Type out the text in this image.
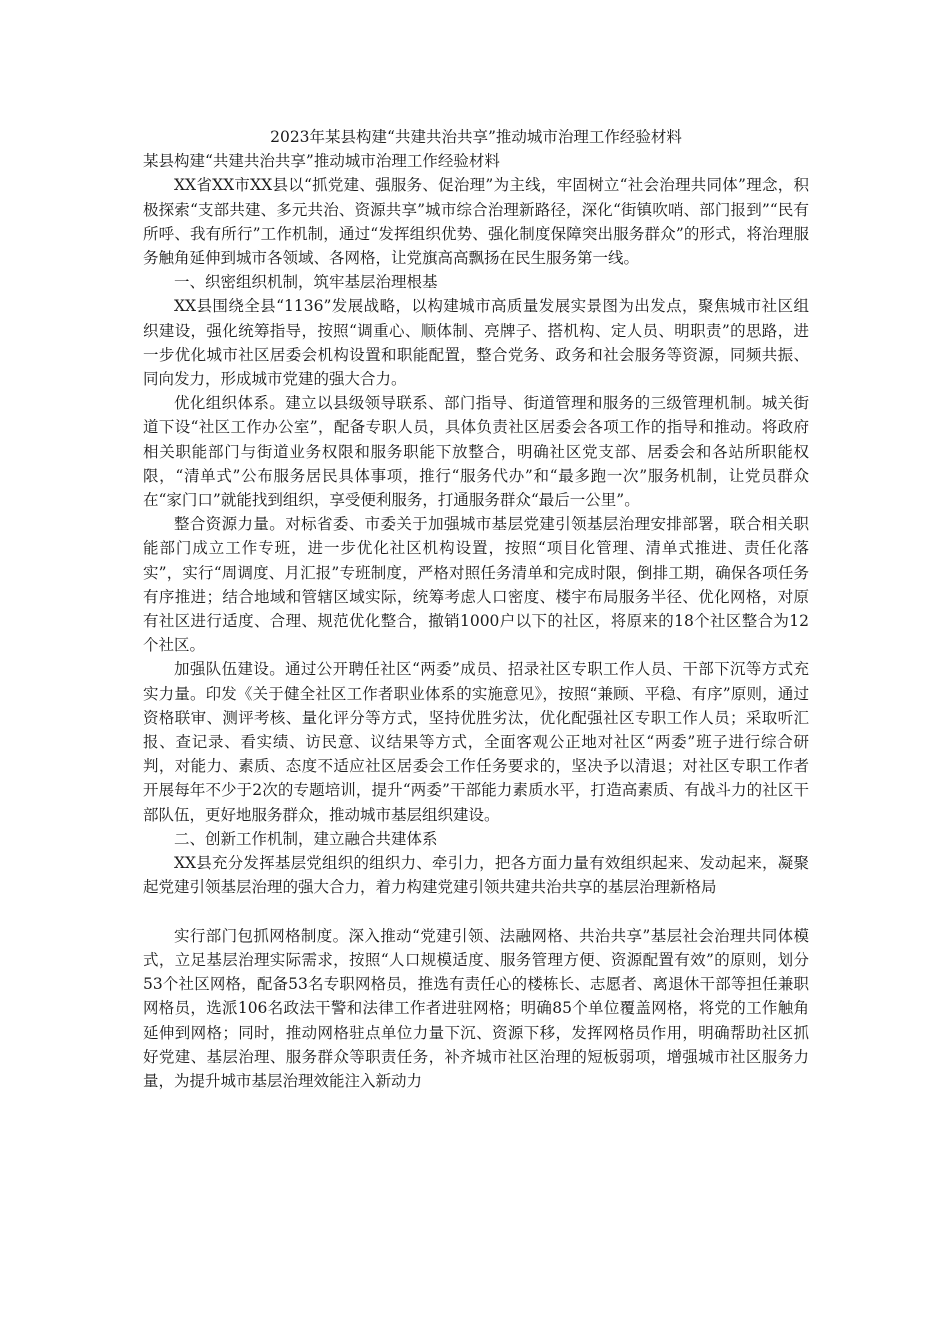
2023年某县构建“共建共治共享”推动城市治理工作经验材料
某县构建“共建共治共享”推动城市治理工作经验材料

XX省XX市XX县以“抓党建、强服务、促治理”为主线，牢固树立“社会治理共同体”理念，积极探索“支部共建、多元共治、资源共享”城市综合治理新路径，深化“街镇吹哨、部门报到”“民有所呼、我有所行”工作机制，通过“发挥组织优势、强化制度保障突出服务群众”的形式，将治理服务触角延伸到城市各领域、各网格，让党旗高高飘扬在民生服务第一线。

一、织密组织机制，筑牢基层治理根基

XX县围绕全县“1136”发展战略，以构建城市高质量发展实景图为出发点，聚焦城市社区组织建设，强化统筹指导，按照“调重心、顺体制、亮牌子、搭机构、定人员、明职责”的思路，进一步优化城市社区居委会机构设置和职能配置，整合党务、政务和社会服务等资源，同频共振、同向发力，形成城市党建的强大合力。

优化组织体系。建立以县级领导联系、部门指导、街道管理和服务的三级管理机制。城关街道下设“社区工作办公室”，配备专职人员，具体负责社区居委会各项工作的指导和推动。将政府相关职能部门与街道业务权限和服务职能下放整合，明确社区党支部、居委会和各站所职能权限，“清单式”公布服务居民具体事项，推行“服务代办”和“最多跑一次”服务机制，让党员群众在“家门口”就能找到组织，享受便利服务，打通服务群众“最后一公里”。

整合资源力量。对标省委、市委关于加强城市基层党建引领基层治理安排部署，联合相关职能部门成立工作专班，进一步优化社区机构设置，按照“项目化管理、清单式推进、责任化落实”，实行“周调度、月汇报”专班制度，严格对照任务清单和完成时限，倒排工期，确保各项任务有序推进；结合地域和管辖区域实际，统筹考虑人口密度、楼宇布局服务半径、优化网格，对原有社区进行适度、合理、规范优化整合，撤销1000户以下的社区，将原来的18个社区整合为12个社区。

加强队伍建设。通过公开聘任社区“两委”成员、招录社区专职工作人员、干部下沉等方式充实力量。印发《关于健全社区工作者职业体系的实施意见》，按照“兼顾、平稳、有序”原则，通过资格联审、测评考核、量化评分等方式，坚持优胜劣汰，优化配强社区专职工作人员；采取听汇报、查记录、看实绩、访民意、议结果等方式，全面客观公正地对社区“两委”班子进行综合研判，对能力、素质、态度不适应社区居委会工作任务要求的，坚决予以清退；对社区专职工作者开展每年不少于2次的专题培训，提升“两委”干部能力素质水平，打造高素质、有战斗力的社区干部队伍，更好地服务群众，推动城市基层组织建设。

二、创新工作机制，建立融合共建体系

XX县充分发挥基层党组织的组织力、牵引力，把各方面力量有效组织起来、发动起来，凝聚起党建引领基层治理的强大合力，着力构建党建引领共建共治共享的基层治理新格局

实行部门包抓网格制度。深入推动“党建引领、法融网格、共治共享”基层社会治理共同体模式，立足基层治理实际需求，按照“人口规模适度、服务管理方便、资源配置有效”的原则，划分53个社区网格，配备53名专职网格员，推选有责任心的楼栋长、志愿者、离退休干部等担任兼职网格员，选派106名政法干警和法律工作者进驻网格；明确85个单位覆盖网格，将党的工作触角延伸到网格；同时，推动网格驻点单位力量下沉、资源下移，发挥网格员作用，明确帮助社区抓好党建、基层治理、服务群众等职责任务，补齐城市社区治理的短板弱项，增强城市社区服务力量，为提升城市基层治理效能注入新动力
